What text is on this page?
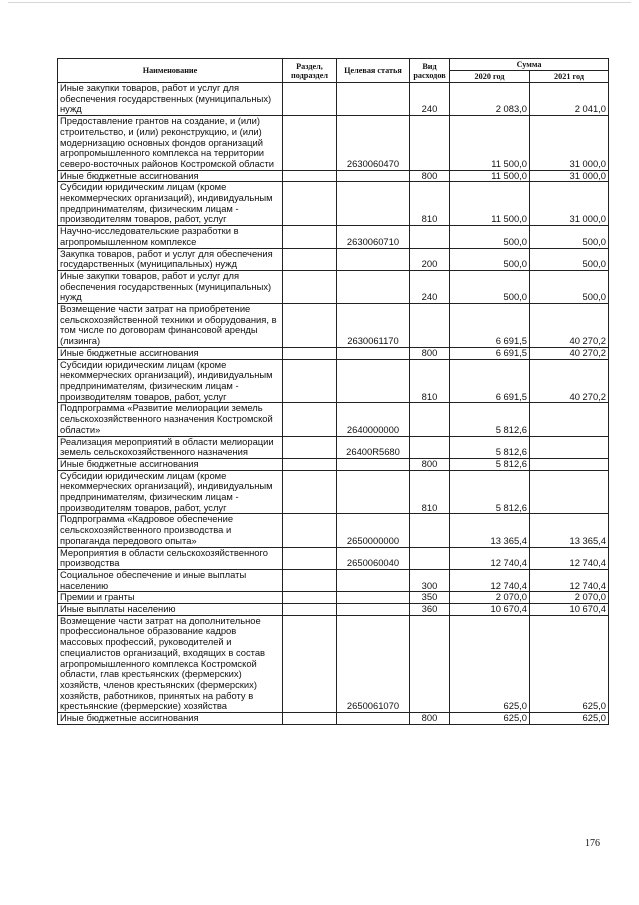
Наименование	Раздел, подраздел	Целевая статья	Вид расходов	Сумма	
				2020 год	2021 год
Иные закупки товаров, работ и услуг для обеспечения государственных (муниципальных) нужд			240	2 083,0	2 041,0
Предоставление грантов на создание, и (или) строительство, и (или) реконструкцию, и (или) модернизацию основных фондов организаций агропромышленного комплекса на территории северо-восточных районов Костромской области		2630060470		11 500,0	31 000,0
Иные бюджетные ассигнования			800	11 500,0	31 000,0
Субсидии юридическим лицам (кроме некоммерческих организаций), индивидуальным предпринимателям, физическим лицам - производителям товаров, работ, услуг			810	11 500,0	31 000,0
Научно-исследовательские разработки в агропромышленном комплексе		2630060710		500,0	500,0
Закупка товаров, работ и услуг для обеспечения государственных (муниципальных) нужд			200	500,0	500,0
Иные закупки товаров, работ и услуг для обеспечения государственных (муниципальных) нужд			240	500,0	500,0
Возмещение части затрат на приобретение сельскохозяйственной техники и оборудования, в том числе по договорам финансовой аренды (лизинга)		2630061170		6 691,5	40 270,2
Иные бюджетные ассигнования			800	6 691,5	40 270,2
Субсидии юридическим лицам (кроме некоммерческих организаций), индивидуальным предпринимателям, физическим лицам - производителям товаров, работ, услуг			810	6 691,5	40 270,2
Подпрограмма «Развитие мелиорации земель сельскохозяйственного назначения Костромской области»		2640000000		5 812,6	
Реализация мероприятий в области мелиорации земель сельскохозяйственного назначения		26400R5680		5 812,6	
Иные бюджетные ассигнования			800	5 812,6	
Субсидии юридическим лицам (кроме некоммерческих организаций), индивидуальным предпринимателям, физическим лицам - производителям товаров, работ, услуг			810	5 812,6	
Подпрограмма «Кадровое обеспечение сельскохозяйственного производства и пропаганда передового опыта»		2650000000		13 365,4	13 365,4
Мероприятия в области сельскохозяйственного производства		2650060040		12 740,4	12 740,4
Социальное обеспечение и иные выплаты населению			300	12 740,4	12 740,4
Премии и гранты			350	2 070,0	2 070,0
Иные выплаты населению			360	10 670,4	10 670,4
Возмещение части затрат на дополнительное профессиональное образование кадров массовых профессий, руководителей и специалистов организаций, входящих в состав агропромышленного комплекса Костромской области, глав крестьянских (фермерских) хозяйств, членов крестьянских (фермерских) хозяйств, работников, принятых на работу в крестьянские (фермерские) хозяйства		2650061070		625,0	625,0
Иные бюджетные ассигнования			800	625,0	625,0
176
